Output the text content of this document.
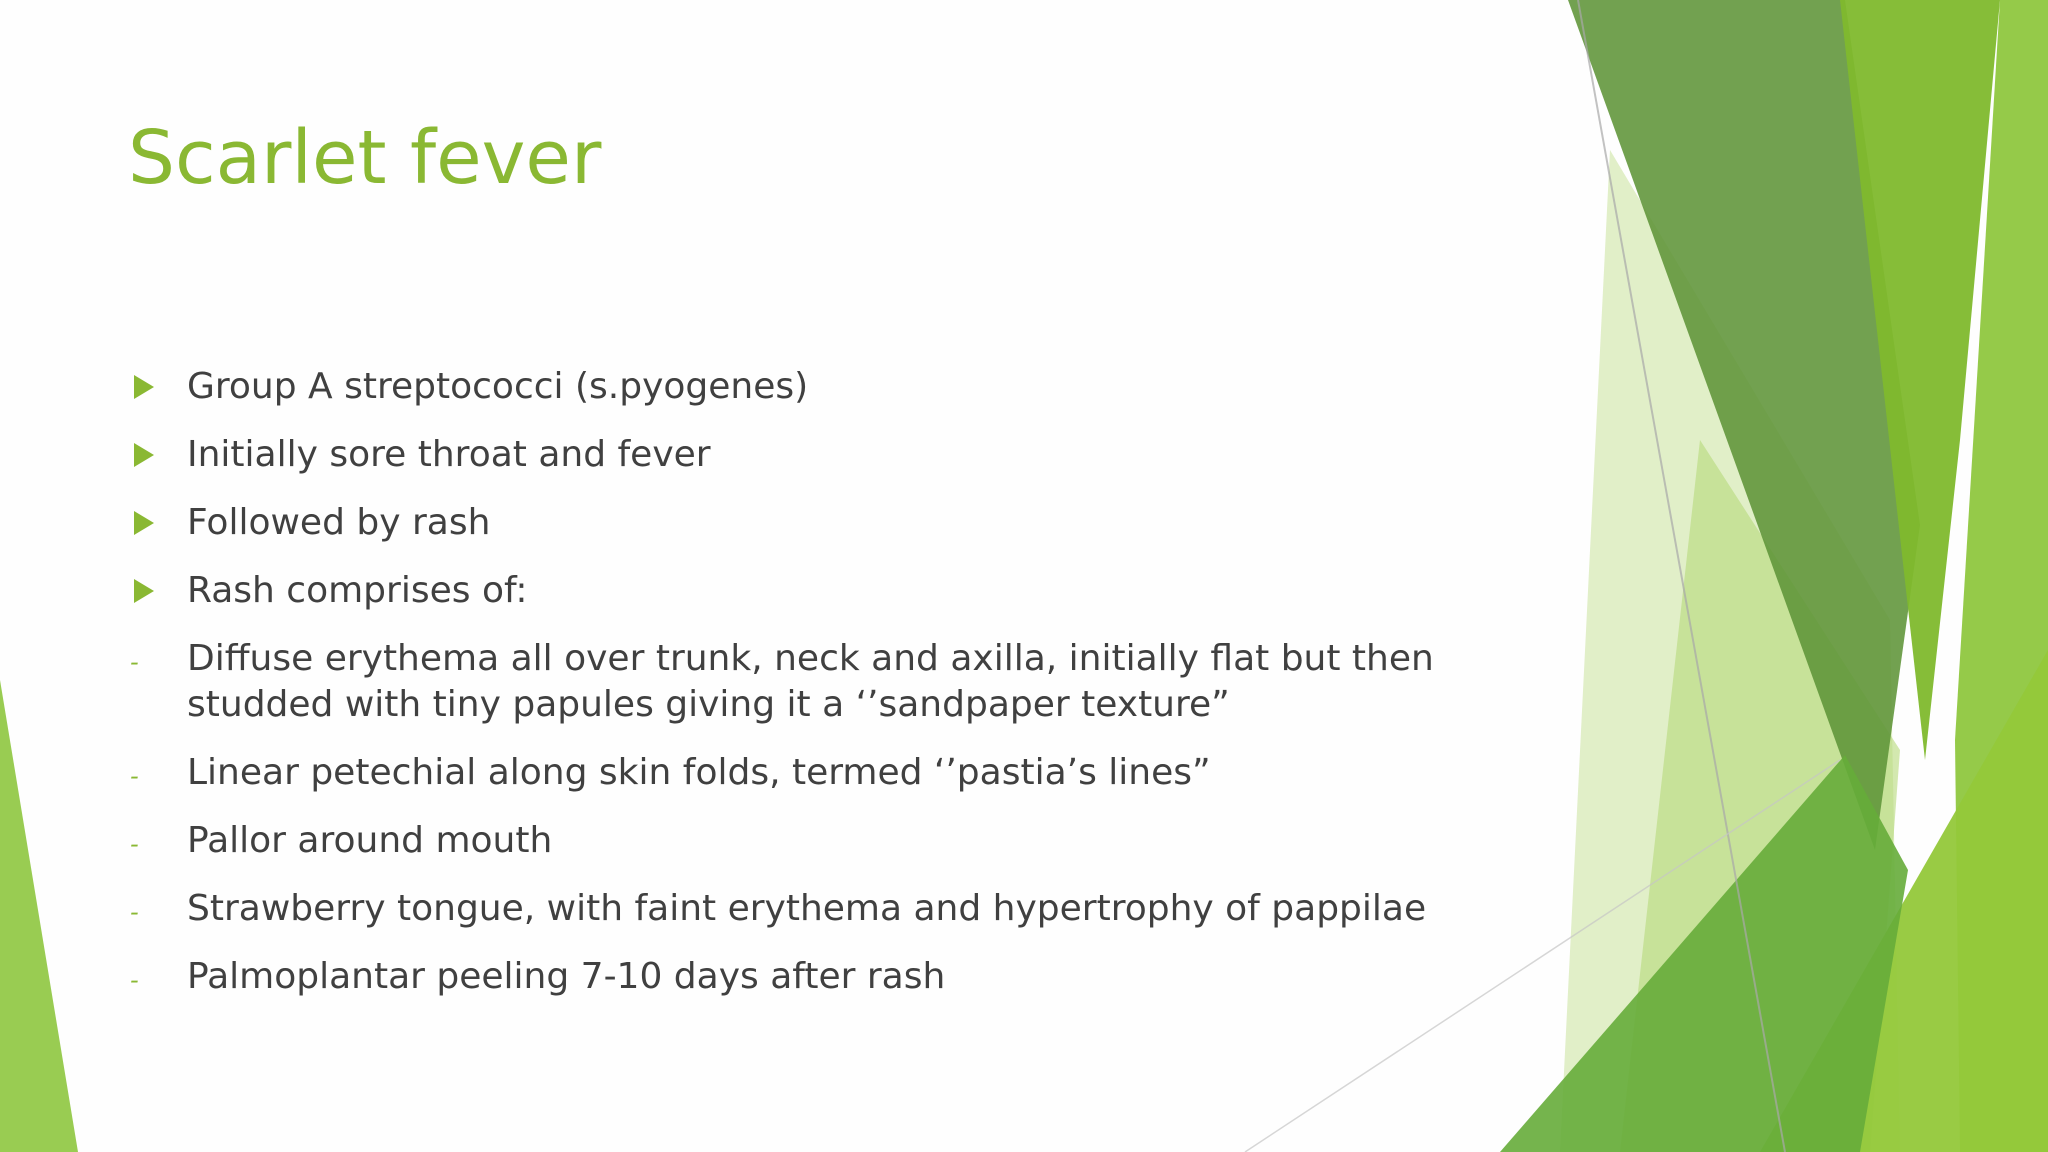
Scarlet fever
Group A streptococci (s.pyogenes)
Initially sore throat and fever
Followed by rash
Rash comprises of:
- Diffuse erythema all over trunk, neck and axilla, initially flat but then studded with tiny papules giving it a ‘’sandpaper texture”
- Linear petechial along skin folds, termed ‘’pastia’s lines”
- Pallor around mouth
- Strawberry tongue, with faint erythema and hypertrophy of pappilae
- Palmoplantar peeling 7-10 days after rash
